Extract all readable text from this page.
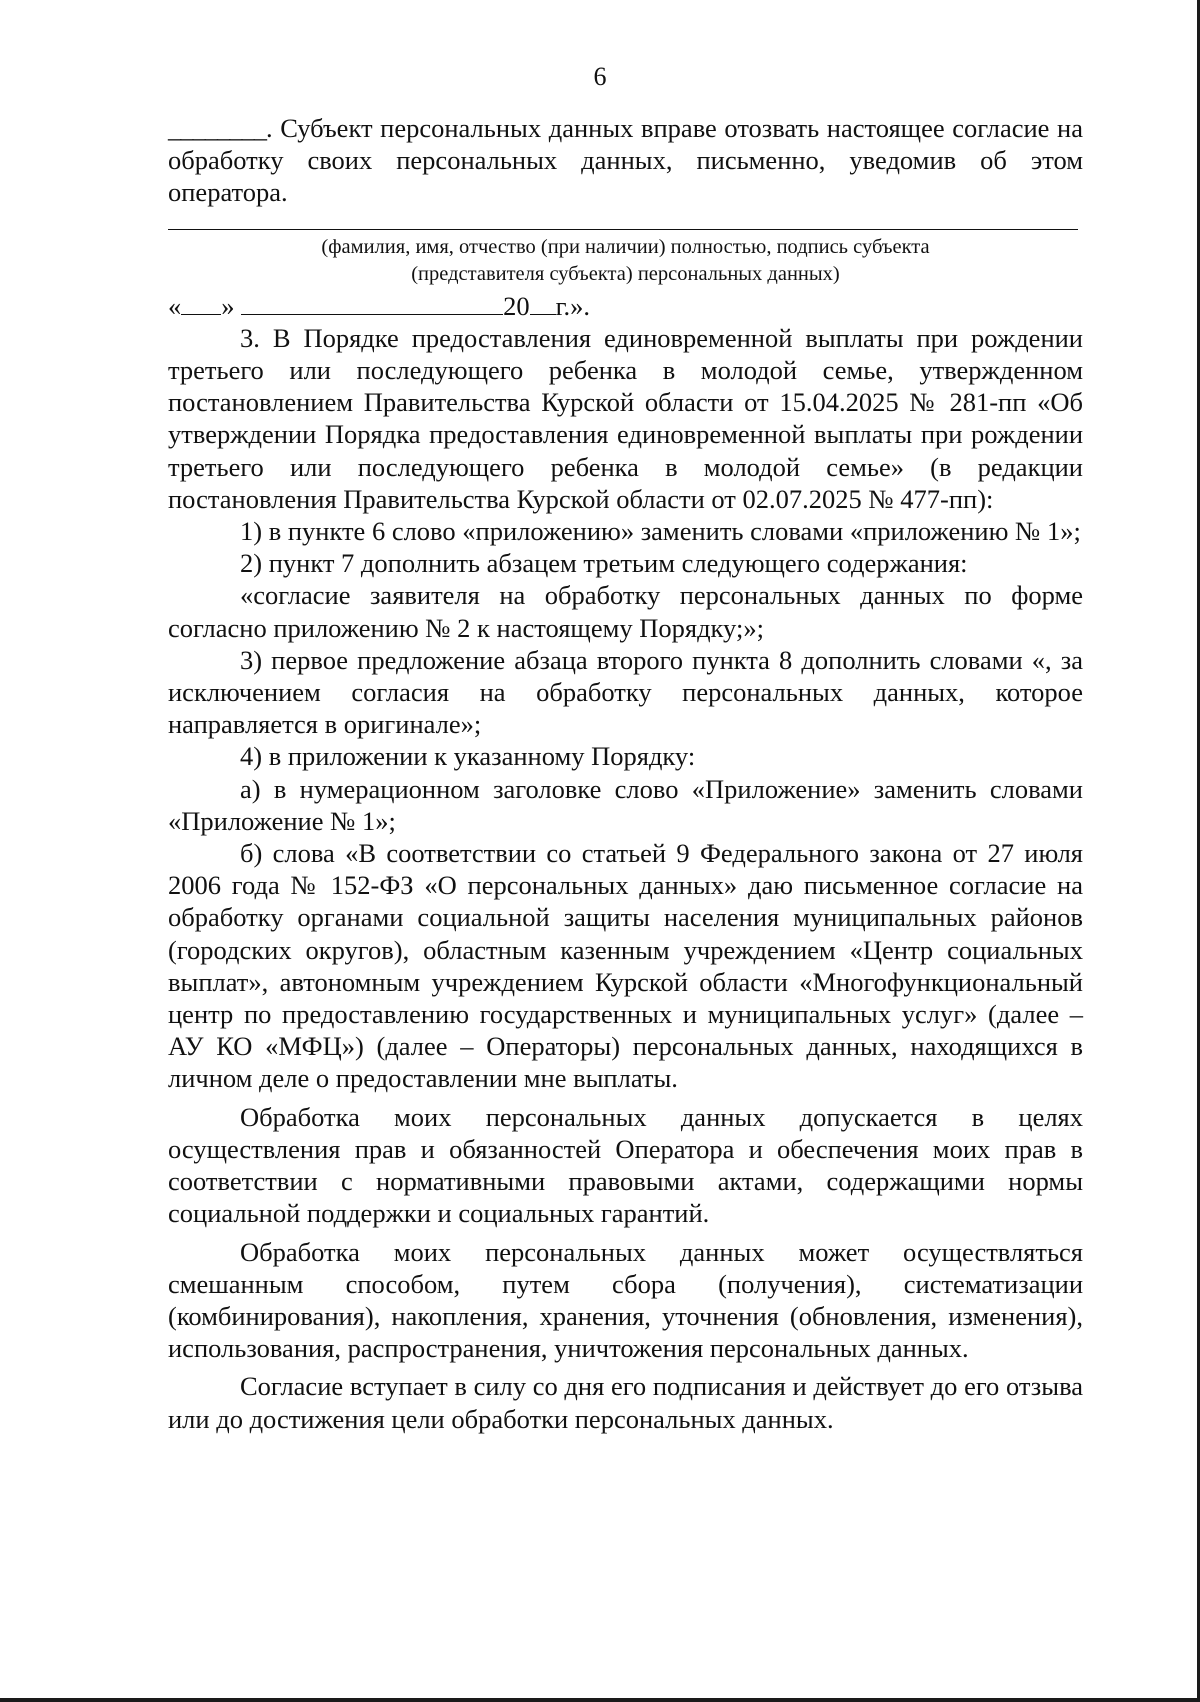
6

________. Субъект персональных данных вправе отозвать настоящее согласие на обработку своих персональных данных, письменно, уведомив об этом оператора.

(фамилия, имя, отчество (при наличии) полностью, подпись субъекта

(представителя субъекта) персональных данных)

« »	20 г.».

3. В Порядке предоставления единовременной выплаты при рождении третьего или последующего ребенка в молодой семье, утвержденном постановлением Правительства Курской области от 15.04.2025 № 281-пп «Об утверждении Порядка предоставления единовременной выплаты при рождении третьего или последующего ребенка в молодой семье» (в редакции постановления Правительства Курской области от 02.07.2025 № 477-пп):

1) в пункте 6 слово «приложению» заменить словами «приложению № 1»;

2) пункт 7 дополнить абзацем третьим следующего содержания:

«согласие заявителя на обработку персональных данных по форме согласно приложению № 2 к настоящему Порядку;»;

3) первое предложение абзаца второго пункта 8 дополнить словами «, за исключением согласия на обработку персональных данных, которое направляется в оригинале»;

4) в приложении к указанному Порядку:

а) в нумерационном заголовке слово «Приложение» заменить словами «Приложение № 1»;

б) слова «В соответствии со статьей 9 Федерального закона от 27 июля 2006 года № 152-ФЗ «О персональных данных» даю письменное согласие на обработку органами социальной защиты населения муниципальных районов (городских округов), областным казенным учреждением «Центр социальных выплат», автономным учреждением Курской области «Многофункциональный центр по предоставлению государственных и муниципальных услуг» (далее – АУ КО «МФЦ») (далее – Операторы) персональных данных, находящихся в личном деле о предоставлении мне выплаты.

Обработка моих персональных данных допускается в целях осуществления прав и обязанностей Оператора и обеспечения моих прав в соответствии с нормативными правовыми актами, содержащими нормы социальной поддержки и социальных гарантий.

Обработка моих персональных данных может осуществляться смешанным способом, путем сбора (получения), систематизации (комбинирования), накопления, хранения, уточнения (обновления, изменения), использования, распространения, уничтожения персональных данных.

Согласие вступает в силу со дня его подписания и действует до его отзыва или до достижения цели обработки персональных данных.
